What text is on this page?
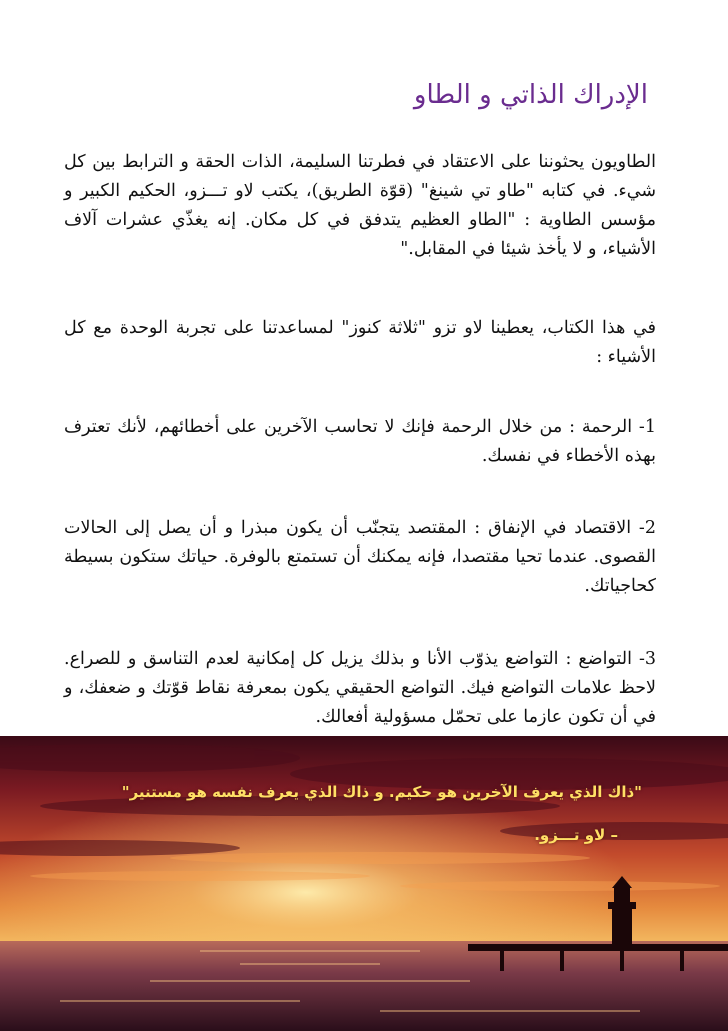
الإدراك الذاتي و الطاو

الطاويون يحثوننا على الاعتقاد في فطرتنا السليمة، الذات الحقة و الترابط بين كل شيء. في كتابه "طاو تي شينغ" (قوّة الطريق)، يكتب لاو تـــزو، الحكيم الكبير و مؤسس الطاوية : "الطاو العظيم يتدفق في كل مكان. إنه يغذّي عشرات آلاف الأشياء، و لا يأخذ شيئا في المقابل."

في هذا الكتاب، يعطينا لاو تزو "ثلاثة كنوز" لمساعدتنا على تجربة الوحدة مع كل الأشياء :

1- الرحمة : من خلال الرحمة فإنك لا تحاسب الآخرين على أخطائهم، لأنك تعترف بهذه الأخطاء في نفسك.

2- الاقتصاد في الإنفاق : المقتصد يتجنّب أن يكون مبذرا و أن يصل إلى الحالات القصوى. عندما تحيا مقتصدا، فإنه يمكنك أن تستمتع بالوفرة. حياتك ستكون بسيطة كحاجياتك.

3- التواضع : التواضع يذوّب الأنا و بذلك يزيل كل إمكانية لعدم التناسق و للصراع. لاحظ علامات التواضع فيك. التواضع الحقيقي يكون بمعرفة نقاط قوّتك و ضعفك، و في أن تكون عازما على تحمّل مسؤولية أفعالك.

"ذاك الذي يعرف الآخرين هو حكيم. و ذاك الذي يعرف نفسه هو مستنير"

– لاو تـــزو.
